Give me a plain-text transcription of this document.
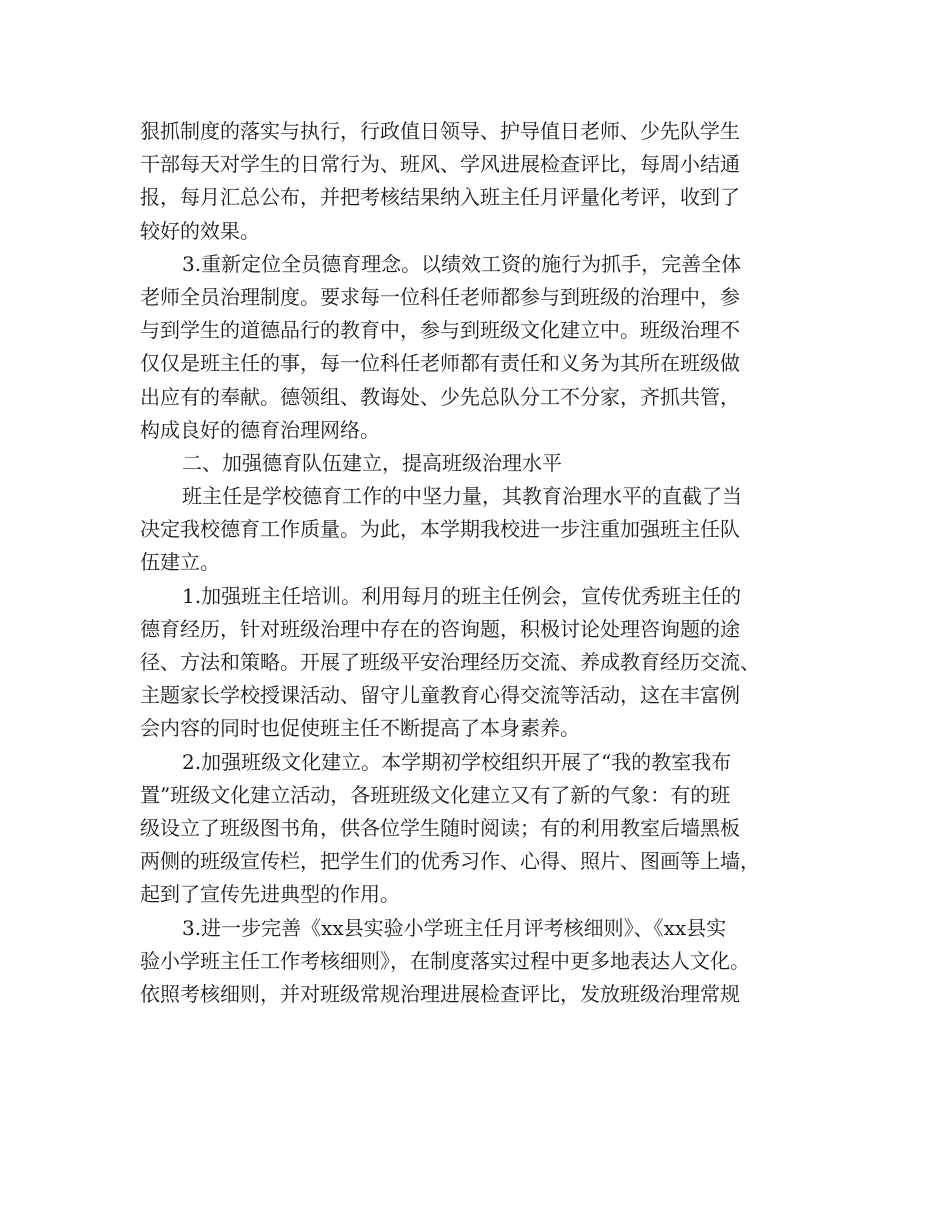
狠抓制度的落实与执行，行政值日领导、护导值日老师、少先队学生
干部每天对学生的日常行为、班风、学风进展检查评比，每周小结通
报，每月汇总公布，并把考核结果纳入班主任月评量化考评，收到了
较好的效果。
3.重新定位全员德育理念。以绩效工资的施行为抓手，完善全体
老师全员治理制度。要求每一位科任老师都参与到班级的治理中，参
与到学生的道德品行的教育中，参与到班级文化建立中。班级治理不
仅仅是班主任的事，每一位科任老师都有责任和义务为其所在班级做
出应有的奉献。德领组、教诲处、少先总队分工不分家，齐抓共管，
构成良好的德育治理网络。
二、加强德育队伍建立，提高班级治理水平
班主任是学校德育工作的中坚力量，其教育治理水平的直截了当
决定我校德育工作质量。为此，本学期我校进一步注重加强班主任队
伍建立。
1.加强班主任培训。利用每月的班主任例会，宣传优秀班主任的
德育经历，针对班级治理中存在的咨询题，积极讨论处理咨询题的途
径、方法和策略。开展了班级平安治理经历交流、养成教育经历交流、
主题家长学校授课活动、留守儿童教育心得交流等活动，这在丰富例
会内容的同时也促使班主任不断提高了本身素养。
2.加强班级文化建立。本学期初学校组织开展了“我的教室我布
置”班级文化建立活动，各班班级文化建立又有了新的气象：有的班
级设立了班级图书角，供各位学生随时阅读；有的利用教室后墙黑板
两侧的班级宣传栏，把学生们的优秀习作、心得、照片、图画等上墙，
起到了宣传先进典型的作用。
3.进一步完善《xx县实验小学班主任月评考核细则》、《xx县实
验小学班主任工作考核细则》，在制度落实过程中更多地表达人文化。
依照考核细则，并对班级常规治理进展检查评比，发放班级治理常规
